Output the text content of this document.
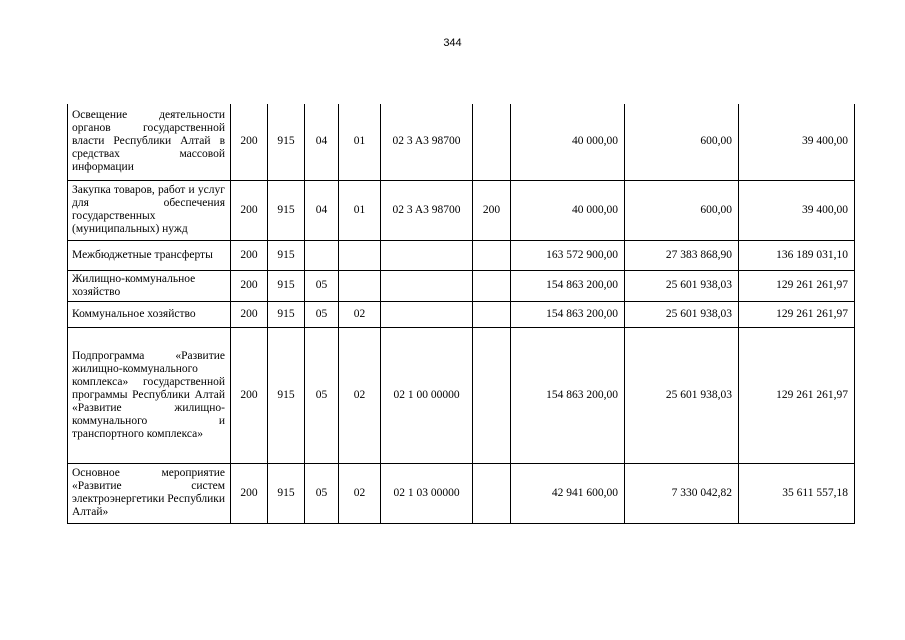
344
Освещение деятельности органов государственной власти Республики Алтай в средствах массовой информации	200	915	04	01	02 3 A3 98700		40 000,00	600,00	39 400,00
Закупка товаров, работ и услуг для обеспечения государственных (муниципальных) нужд	200	915	04	01	02 3 A3 98700	200	40 000,00	600,00	39 400,00
Межбюджетные трансферты	200	915					163 572 900,00	27 383 868,90	136 189 031,10
Жилищно-коммунальное хозяйство	200	915	05				154 863 200,00	25 601 938,03	129 261 261,97
Коммунальное хозяйство	200	915	05	02			154 863 200,00	25 601 938,03	129 261 261,97
Подпрограмма «Развитие жилищно-коммунального комплекса» государственной программы Республики Алтай «Развитие жилищно-коммунального и транспортного комплекса»	200	915	05	02	02 1 00 00000		154 863 200,00	25 601 938,03	129 261 261,97
Основное мероприятие «Развитие систем электроэнергетики Республики Алтай»	200	915	05	02	02 1 03 00000		42 941 600,00	7 330 042,82	35 611 557,18
